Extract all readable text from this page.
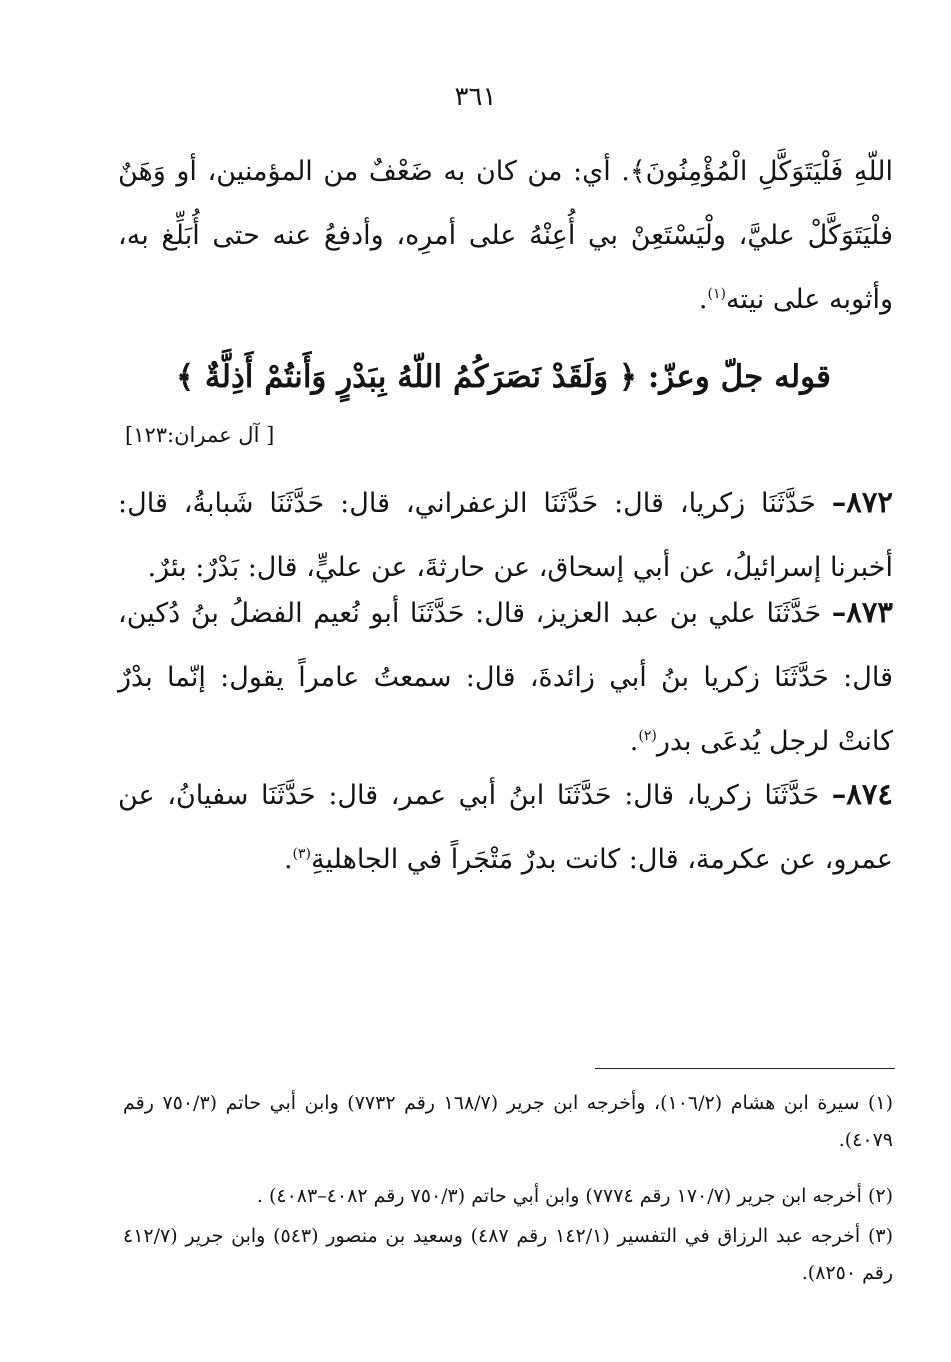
٣٦١
اللّهِ فَلْيَتَوَكَّلِ الْمُؤْمِنُونَ﴾. أي: من كان به ضَعْفٌ من المؤمنين، أو وَهَنٌ فلْيَتَوَكَّلْ عليَّ، ولْيَسْتَعِنْ بي أُعِنْهُ على أمرِه، وأدفعُ عنه حتى أُبَلِّغ به، وأثوبه على نيته$^{(١)}$.
قوله جلّ وعزّ: ﴿ وَلَقَدْ نَصَرَكُمُ اللّهُ بِبَدْرٍ وَأَنتُمْ أَذِلَّةٌ ﴾
[ آل عمران:١٢٣]
٨٧٢– حَدَّثَنَا زكريا، قال: حَدَّثَنَا الزعفراني، قال: حَدَّثَنَا شَبابةُ، قال: أخبرنا إسرائيلُ، عن أبي إسحاق، عن حارثةَ، عن عليٍّ، قال: بَدْرٌ: بئرٌ.
٨٧٣– حَدَّثَنَا علي بن عبد العزيز، قال: حَدَّثَنَا أبو نُعيم الفضلُ بنُ دُكين، قال: حَدَّثَنَا زكريا بنُ أبي زائدةَ، قال: سمعتُ عامراً يقول: إنّما بدْرٌ كانتْ لرجل يُدعَى بدر$^{(٢)}$.
٨٧٤– حَدَّثَنَا زكريا، قال: حَدَّثَنَا ابنُ أبي عمر، قال: حَدَّثَنَا سفيانُ، عن عمرو، عن عكرمة، قال: كانت بدرٌ مَتْجَراً في الجاهليةِ$^{(٣)}$.
(١) سيرة ابن هشام (١٠٦/٢)، وأخرجه ابن جرير (١٦٨/٧ رقم ٧٧٣٢) وابن أبي حاتم (٧٥٠/٣ رقم ٤٠٧٩).
(٢) أخرجه ابن جرير (١٧٠/٧ رقم ٧٧٧٤) وابن أبي حاتم (٧٥٠/٣ رقم ٤٠٨٢–٤٠٨٣) .
(٣) أخرجه عبد الرزاق في التفسير (١٤٢/١ رقم ٤٨٧) وسعيد بن منصور (٥٤٣) وابن جرير (٤١٢/٧ رقم ٨٢٥٠).
